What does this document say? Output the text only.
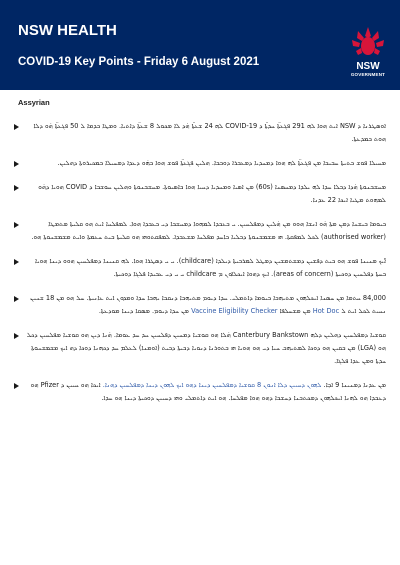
NSW HEALTH
COVID-19 Key Points - Friday 6 August 2021	NSW
GOVERNMENT
Assyrian
ܐܘܣܛܪܢܐ ܕ NSW ܐܝܬ ܗܘܐ ܠܗ 291 ܦܓܥܬ̈ܐ ܚܕܬ̈ܐ ܕ COVID-19 ܠܗ 24 ܫܥܬ̈ܐ ܗ̇ܕ ܠܐ ܡܟܘܠ 8 ܫܥܬ̈ܐ ܕܐܬܝܐ. ܘܡܛܐ ܒܕܡܐ ܠ 50 ܦܓܥܬ̈ܐ ܗ̇ܘ ܕܠܐ ܗܘܬ ܒܡܕܥܬܐ.
ܡܚܝܠܐ ܦܘܫ ܒܬܝܬܐ ܚܒܝܒܐ ܡܢ ܦܓܥܬ̈ܐ ܠܗ ܗܘܐ ܕܡܚܕܝܐ ܕܡܥܒܪܐ ܕܘܒܒܐ. ܗܠܝܢ ܦܓܥܬ̈ܐ ܦܘܫ ܗܘܐ ܒܗ̇ܘ ܕܥܕܐ ܕܡܚܝܠܐ ܒܡܟܝܪܘܬܐ ܕܗܠܝܢ.
ܡܚܫܒܢܘܬܐ ܗ̇ܕܐ ܕܒܠܐ ܚܕܐ ܠܗ ܝܠܕܐ ܕܡܚܣܢܐ (60s) ܡܢ ܐܣܝܐ ܘܡܚܕܝܐ ܕܚܝܐ ܗܘܐ ܒܐܣܝܘܬܐ. ܡܚܫܒܢܘܬܐ ܘܗܠܝܢ ܚܘܫܒܐ ܕ COVID ܗܘܝܐ ܕܗ̇ܘ ܠܡܗܘܬ ܡܛܝܐ ܐܝܟܐ 22 ܥܕܢܐ.
ܒܝܘܡܐ ܒܝܫܢܐ ܕܡܢ ܡܬܐ ܗ̇ܘ ܐܢܫܐ ܗܘܘ ܡܢ ܗ̇ܠܝܢ ܕܡܦܠܚܝܢ. ܝ ܒܥܒܕܐ ܠܡܗܘܐ ܕܡܚܫܒܐ ܕܝ ܒܥܒܕܐ ܗܘܐ. ܠܡܦܠܚܐ ܐܝܬ ܗܘ ܩܠܝܬܐ ܡܬܡܛܐ (authorised worker) ܠܟܠ ܠܡܦܩܬܐ. ܗܝ ܡܫܡܫܢܘܬܐ ܕܒܠܝܐ ܒܐܚܕ ܡܦܠܚܐ ܡܫܥܒܕܐ. ܠܡܦܩܬܘܗܝ ܗܘ ܩܠܝܬܐ ܒܝܬ ܚܥܡܬܐ ܘܐܝܬ ܡܫܡܫܢܘܬܐ ܗܘ.
ܐ̄ܝܟ ܡܢܝܢܐ ܦܘܫ ܗܘ ܒܝܬ ܕܦܫܝܢ ܕܡܫܬܡܫܝܢ ܕܡܛܠ ܠܡܪܒܝܬܐ ܕܝܠܕܐ (childcare). ܝ ܝ ܕܣܛܪܐ ܗܘܐ. ܠܗ ܩܢܝܢܐ ܕܡܦܠܚܝܢ ܗܘܘ ܕܝܢܐ ܗܘܝܐ ܒܚܬܐ ܕܦܠܚܝܢ ܕܘܟܝܬܐ (areas of concern). ܐܝܟ ܕܗܘܐ ܐܝܟܠܐܘܢ ܡ childcare ܝ ܝ ܕܝ ܥܒܝܕܐ ܦܠܓܐ ܕܘܟܝܬܐ.
84,000 ܚܬܡܐ ܡܢ ܚܣܢܐ ܐܝܟܠܗܘܢ ܡܬܝܗܒܐ ܒܝܘܡܐ ܕܐܬܡܠܝ. ܚܕܐ ܕܝܘܡ ܡܬܝܗܒܐ ܕܢܩܒܐ ܝܗܒܐ ܚܕܐ ܘܡܕܘܢ ܐܝܬ ܥܐܢܝܬܐ. ܚܠ ܗܘ ܡܢ 18 ܫܢܝܢ ܢܚܝܬ ܠܟܠ ܐܝܬ ܠ Hot Doc ܡܢ ܡܫܚܠܦܐ Vaccine Eligibility Checker ܡܢ ܚܕܐ ܕܝܘܡ. ܡܣܩܐ ܕܝܢܐ ܡܘܕܥܬܐ.
ܩܘܫܝܐ ܕܡܦܠܚܝܢ ܕܗܠܝܢ ܕܠܗ Canterbury Bankstown ܗ̇ܠܐ ܗܘ ܩܘܫܝܐ ܕܡܚܝܢ ܕܦܠܚܝܢ ܚܕ ܚܕ ܥܘܡܐ. ܗ̇ܢܐ ܕܝܢ ܗܘ ܩܘܫܝܐ ܡܦܠܚܝܢ ܕܟܠ ܗܘ (LGA) ܡܢ ܒܩܝܢ ܗܘ ܕܘܟܐ ܠܡܬܝܗܒ ܚܝܐ ܕܝ ܗܘ ܗܘܝܐ ܗܝ ܒܬܘܪܢܐ ܕܢܘܝܐ ܕܒܝܬܐ ܕܒܝܬ (ܐܘܡܢܐ) ܠܥܠܡ ܚܕ ܕܟܗܢܐ ܕܘܟܐ ܕܗ ܐܝܟ ܡܫܡܫܢܘܬܐ ܚܕܬܐ ܘܡܢ ܥܕܐ ܦܠܓܐ.
ܡܢ ܥܕܢܐ ܕܡܢܝܢܐ 9 ܐܒ̣ܐ. ܠܗܘܢ ܕܚܝܝܢ ܕܠܐ ܐܢܘܢ 8 ܩܘܫܝܐ ܕܡܦܠܚܝܢ ܕܝܢܐ ܕܗܘ ܐܝܟ ܠܗܘܢ ܕܝܢܐ ܕܡܦܠܚܝܢ ܕܗܢܐ. ܐܝܟܐ ܗܘ ܚܝܝܢ ܕ Pfizer ܗܘ ܕܥܒܕܐ ܗܘ ܠܗܢܐ ܐܝܟܠܗܘܢ ܕܡܟܬܒܢܐ ܕܚܫܒܐ ܕܗܘ ܗܘܐ ܡܦܠܚܐ. ܗܘ ܐܝܬ ܕܐܬܡܠܝ ܘܗܝ ܕܚܝܝܢ ܕܘܟܝܬܐ ܕܝܢܐ ܗܘ ܚܕܐ.
